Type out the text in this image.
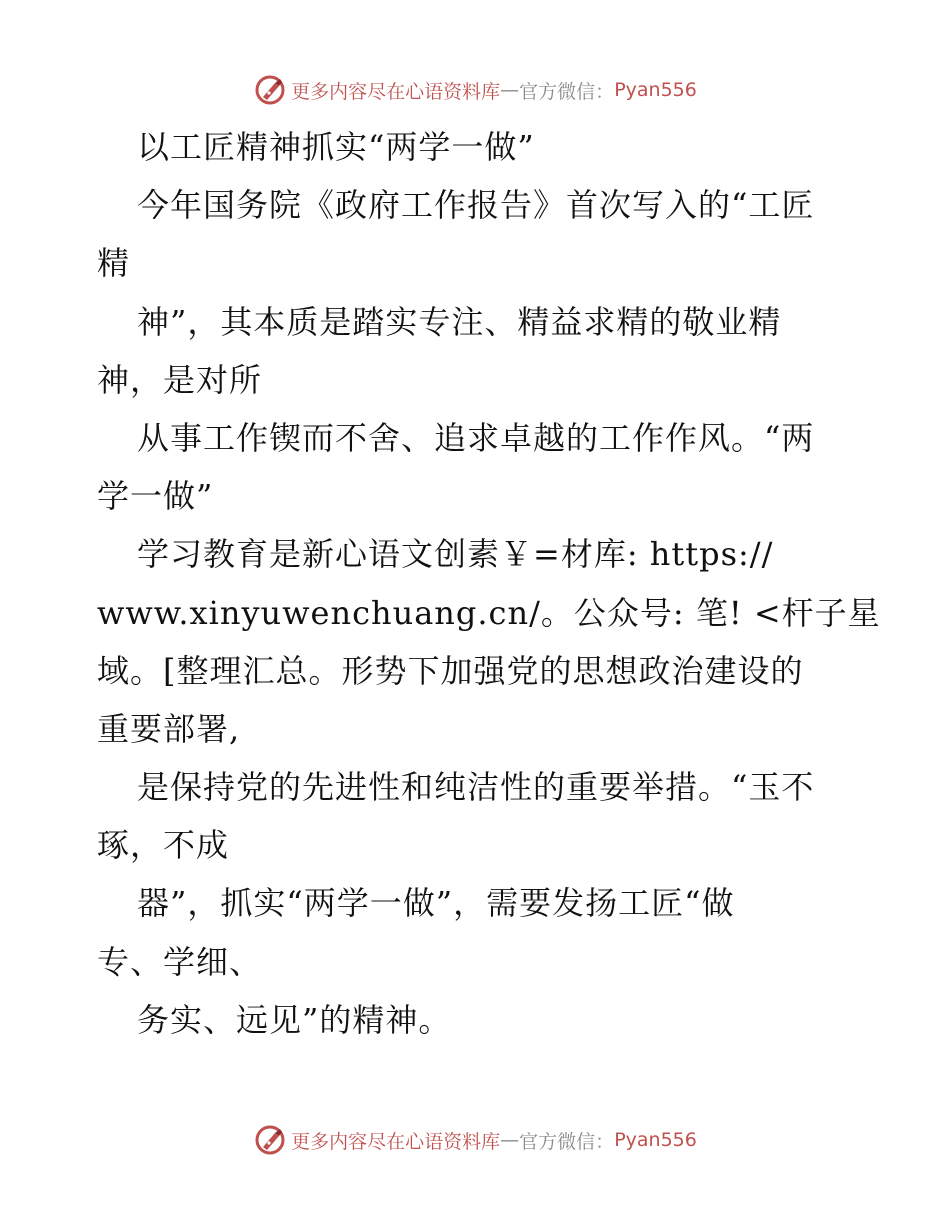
更多内容尽在心语资料库 — 官方微信： Pyan556
以工匠精神抓实“两学一做”
今年国务院《政府工作报告》首次写入的“工匠
精
神”，其本质是踏实专注、精益求精的敬业精
神，是对所
从事工作锲而不舍、追求卓越的工作作风。“两
学一做”
学习教育是新心语文创素￥=材库: https://
www.xinyuwenchuang.cn/。公众号: 笔! <杆子星
域。[整理汇总。形势下加强党的思想政治建设的
重要部署,
是保持党的先进性和纯洁性的重要举措。“玉不
琢，不成
器”，抓实“两学一做”，需要发扬工匠“做
专、学细、
务实、远见”的精神。
更多内容尽在心语资料库 — 官方微信： Pyan556
